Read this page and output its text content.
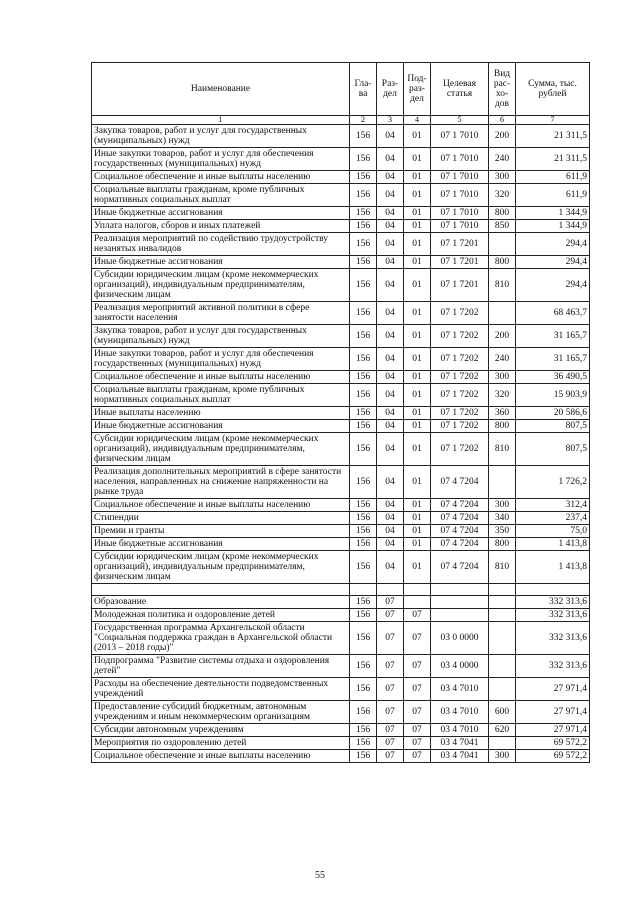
Наименование	Гла-ва	Раз-дел	Под-раз-дел	Целевая статья	Вид рас-хо-дов	Сумма, тыс. рублей
1	2	3	4	5	6	7
Закупка товаров, работ и услуг для государственных (муниципальных) нужд	156	04	01	07 1 7010	200	21 311,5
Иные закупки товаров, работ и услуг для обеспечения государственных (муниципальных) нужд	156	04	01	07 1 7010	240	21 311,5
Социальное обеспечение и иные выплаты населению	156	04	01	07 1 7010	300	611,9
Социальные выплаты гражданам, кроме публичных нормативных социальных выплат	156	04	01	07 1 7010	320	611,9
Иные бюджетные ассигнования	156	04	01	07 1 7010	800	1 344,9
Уплата налогов, сборов и иных платежей	156	04	01	07 1 7010	850	1 344,9
Реализация мероприятий по содействию трудоустройству незанятых инвалидов	156	04	01	07 1 7201		294,4
Иные бюджетные ассигнования	156	04	01	07 1 7201	800	294,4
Субсидии юридическим лицам (кроме некоммерческих организаций), индивидуальным предпринимателям, физическим лицам	156	04	01	07 1 7201	810	294,4
Реализация мероприятий активной политики в сфере занятости населения	156	04	01	07 1 7202		68 463,7
Закупка товаров, работ и услуг для государственных (муниципальных) нужд	156	04	01	07 1 7202	200	31 165,7
Иные закупки товаров, работ и услуг для обеспечения государственных (муниципальных) нужд	156	04	01	07 1 7202	240	31 165,7
Социальное обеспечение и иные выплаты населению	156	04	01	07 1 7202	300	36 490,5
Социальные выплаты гражданам, кроме публичных нормативных социальных выплат	156	04	01	07 1 7202	320	15 903,9
Иные выплаты населению	156	04	01	07 1 7202	360	20 586,6
Иные бюджетные ассигнования	156	04	01	07 1 7202	800	807,5
Субсидии юридическим лицам (кроме некоммерческих организаций), индивидуальным предпринимателям, физическим лицам	156	04	01	07 1 7202	810	807,5
Реализация дополнительных мероприятий в сфере занятости населения, направленных на снижение напряженности на рынке труда	156	04	01	07 4 7204		1 726,2
Социальное обеспечение и иные выплаты населению	156	04	01	07 4 7204	300	312,4
Стипендии	156	04	01	07 4 7204	340	237,4
Премии и гранты	156	04	01	07 4 7204	350	75,0
Иные бюджетные ассигнования	156	04	01	07 4 7204	800	1 413,8
Субсидии юридическим лицам (кроме некоммерческих организаций), индивидуальным предпринимателям, физическим лицам	156	04	01	07 4 7204	810	1 413,8

Образование	156	07				332 313,6
Молодежная политика и оздоровление детей	156	07	07			332 313,6
Государственная программа Архангельской области "Социальная поддержка граждан в Архангельской области (2013 – 2018 годы)"	156	07	07	03 0 0000		332 313,6
Подпрограмма "Развитие системы отдыха и оздоровления детей"	156	07	07	03 4 0000		332 313,6
Расходы на обеспечение деятельности подведомственных учреждений	156	07	07	03 4 7010		27 971,4
Предоставление субсидий бюджетным, автономным учреждениям и иным некоммерческим организациям	156	07	07	03 4 7010	600	27 971,4
Субсидии автономным учреждениям	156	07	07	03 4 7010	620	27 971,4
Мероприятия по оздоровлению детей	156	07	07	03 4 7041		69 572,2
Социальное обеспечение и иные выплаты населению	156	07	07	03 4 7041	300	69 572,2
55
